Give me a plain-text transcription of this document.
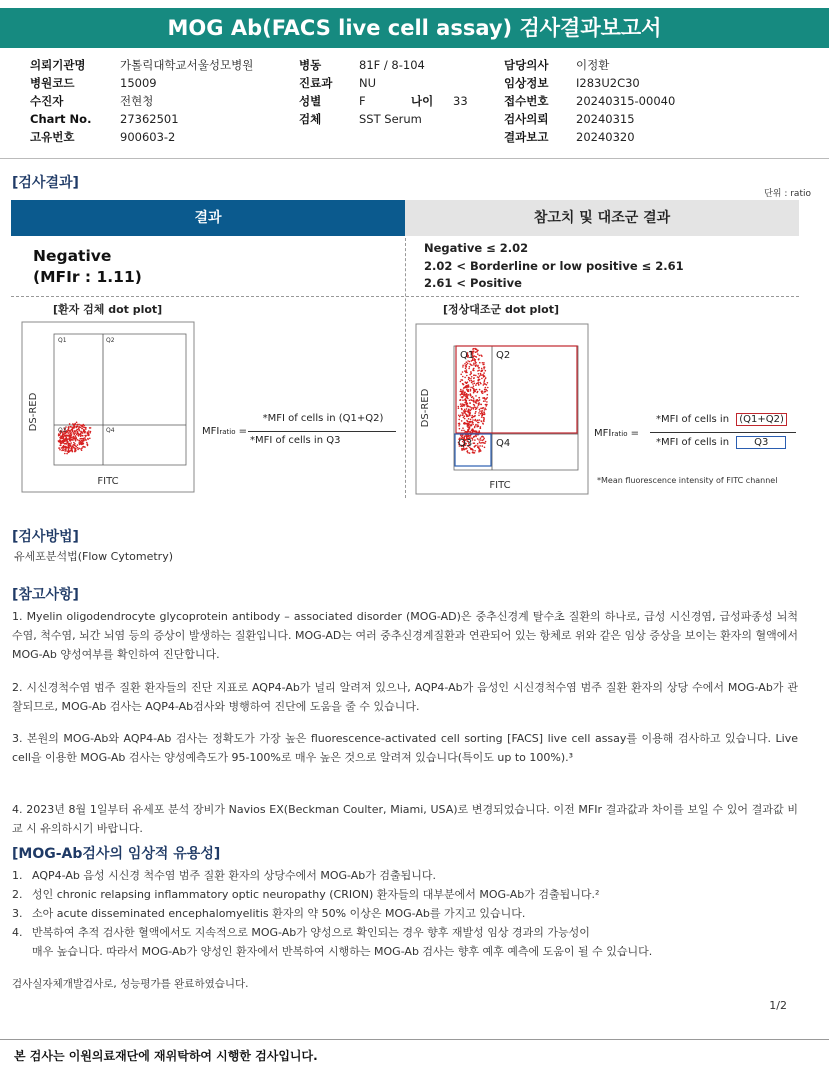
MOG Ab(FACS live cell assay) 검사결과보고서
의뢰기관명	가톨릭대학교서울성모병원
병원코드	15009
수진자	전현청
Chart No. 27362501
고유번호	900603-2
병동	81F / 8-104
진료과 NU
성별	F	나이 33
검체	SST Serum
담당의사 이정환
임상정보 I283U2C30
접수번호 20240315-00040
검사의뢰 20240315
결과보고 20240320
[검사결과]
단위 : ratio
결과	참고치 및 대조군 결과
Negative
(MFIr : 1.11)
Negative ≤ 2.02
2.02 < Borderline or low positive ≤ 2.61
2.61 < Positive
[환자 검체 dot plot]
Q1	Q2
Q3	Q4
DS-RED
FITC
MFIratio =
*MFI of cells in (Q1+Q2)
*MFI of cells in Q3
[정상대조군 dot plot]
Q1 Q2
Q3 Q4
DS-RED
FITC
MFIratio =
*MFI of cells in (Q1+Q2)
*MFI of cells in	Q3
*Mean fluorescence intensity of FITC channel
[검사방법]
유세포분석법(Flow Cytometry)
[참고사항]
1. Myelin oligodendrocyte glycoprotein antibody – associated disorder (MOG-AD)은 중추신경계 탈수초 질환의 하나로, 급성 시신경염, 급성파종성 뇌척수염, 척수염, 뇌간 뇌염 등의 증상이 발생하는 질환입니다. MOG-AD는 여러 중추신경계질환과 연관되어 있는 항체로 위와 같은 임상 증상을 보이는 환자의 혈액에서 MOG-Ab 양성여부를 확인하여 진단합니다.
2. 시신경척수염 범주 질환 환자들의 진단 지표로 AQP4-Ab가 널리 알려져 있으나, AQP4-Ab가 음성인 시신경척수염 범주 질환 환자의 상당 수에서 MOG-Ab가 관찰되므로, MOG-Ab 검사는 AQP4-Ab검사와 병행하여 진단에 도움을 줄 수 있습니다.
3. 본원의 MOG-Ab와 AQP4-Ab 검사는 정확도가 가장 높은 fluorescence-activated cell sorting [FACS] live cell assay를 이용해 검사하고 있습니다. Live cell을 이용한 MOG-Ab 검사는 양성예측도가 95-100%로 매우 높은 것으로 알려져 있습니다(특이도 up to 100%).³
4. 2023년 8월 1일부터 유세포 분석 장비가 Navios EX(Beckman Coulter, Miami, USA)로 변경되었습니다. 이전 MFIr 결과값과 차이를 보일 수 있어 결과값 비교 시 유의하시기 바랍니다.
[MOG-Ab검사의 임상적 유용성]
1. AQP4-Ab 음성 시신경 척수염 범주 질환 환자의 상당수에서 MOG-Ab가 검출됩니다.
2. 성인 chronic relapsing inflammatory optic neuropathy (CRION) 환자들의 대부분에서 MOG-Ab가 검출됩니다.²
3. 소아 acute disseminated encephalomyelitis 환자의 약 50% 이상은 MOG-Ab를 가지고 있습니다.
4. 반복하여 추적 검사한 혈액에서도 지속적으로 MOG-Ab가 양성으로 확인되는 경우 향후 재발성 임상 경과의 가능성이
매우 높습니다. 따라서 MOG-Ab가 양성인 환자에서 반복하여 시행하는 MOG-Ab 검사는 향후 예후 예측에 도움이 될 수 있습니다.
검사실자체개발검사로, 성능평가를 완료하였습니다.
1/2
본 검사는 이원의료재단에 재위탁하여 시행한 검사입니다.
